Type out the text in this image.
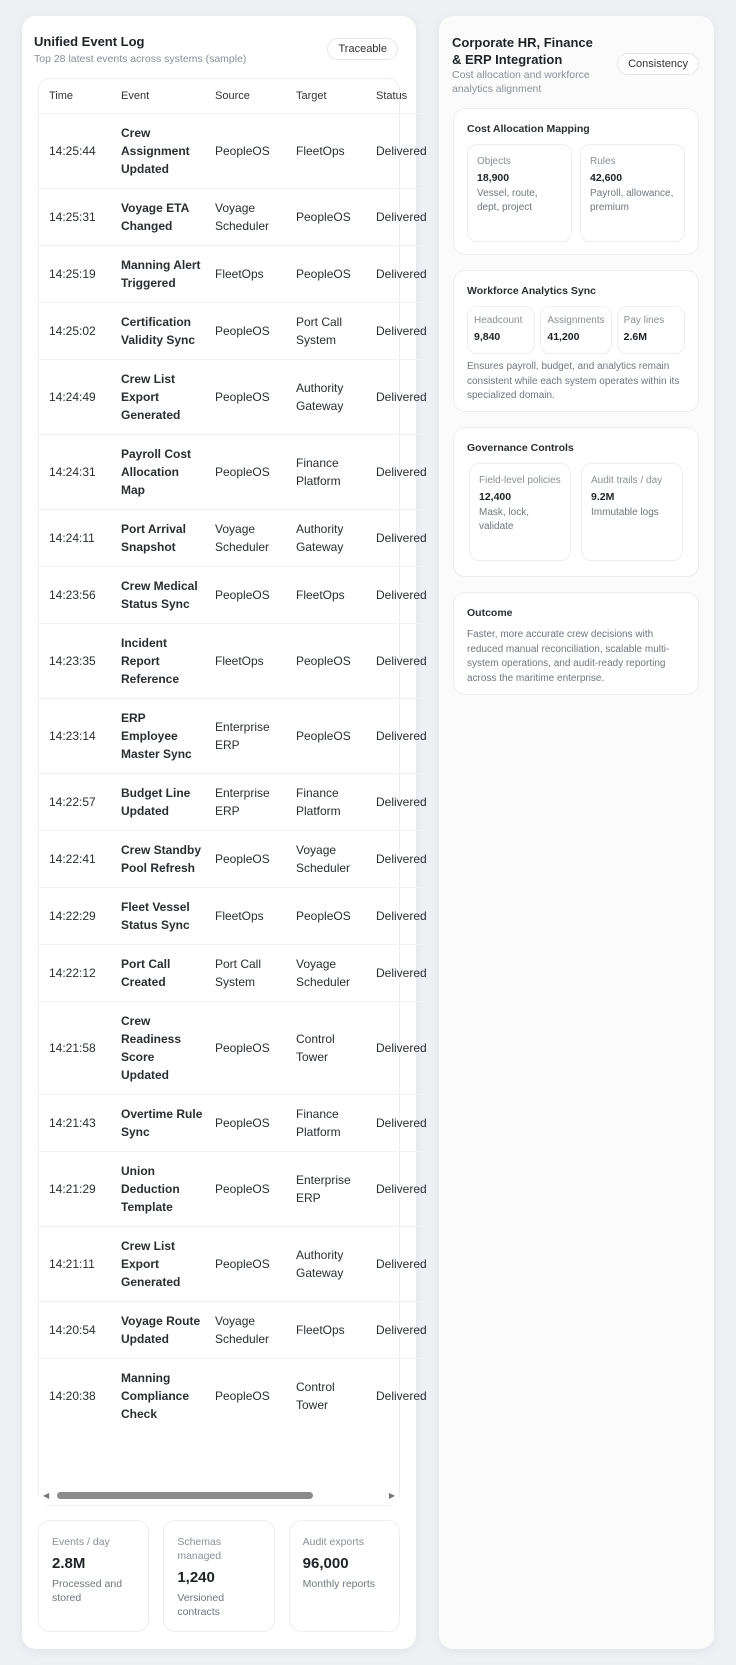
Unified Event Log
Top 28 latest events across systems (sample)
Traceable
Time	Event	Source	Target	Status
14:25:44	Crew Assignment Updated	PeopleOS	FleetOps	Delivered
14:25:31	Voyage ETA Changed	Voyage Scheduler	PeopleOS	Delivered
14:25:19	Manning Alert Triggered	FleetOps	PeopleOS	Delivered
14:25:02	Certification Validity Sync	PeopleOS	Port Call System	Delivered
14:24:49	Crew List Export Generated	PeopleOS	Authority Gateway	Delivered
14:24:31	Payroll Cost Allocation Map	PeopleOS	Finance Platform	Delivered
14:24:11	Port Arrival Snapshot	Voyage Scheduler	Authority Gateway	Delivered
14:23:56	Crew Medical Status Sync	PeopleOS	FleetOps	Delivered
14:23:35	Incident Report Reference	FleetOps	PeopleOS	Delivered
14:23:14	ERP Employee Master Sync	Enterprise ERP	PeopleOS	Delivered
14:22:57	Budget Line Updated	Enterprise ERP	Finance Platform	Delivered
14:22:41	Crew Standby Pool Refresh	PeopleOS	Voyage Scheduler	Delivered
14:22:29	Fleet Vessel Status Sync	FleetOps	PeopleOS	Delivered
14:22:12	Port Call Created	Port Call System	Voyage Scheduler	Delivered
14:21:58	Crew Readiness Score Updated	PeopleOS	Control Tower	Delivered
14:21:43	Overtime Rule Sync	PeopleOS	Finance Platform	Delivered
14:21:29	Union Deduction Template	PeopleOS	Enterprise ERP	Delivered
14:21:11	Crew List Export Generated	PeopleOS	Authority Gateway	Delivered
14:20:54	Voyage Route Updated	Voyage Scheduler	FleetOps	Delivered
14:20:38	Manning Compliance Check	PeopleOS	Control Tower	Delivered
◀	▶
Events / day
2.8M
Processed and stored
Schemas managed
1,240
Versioned contracts
Audit exports
96,000
Monthly reports
Corporate HR, Finance & ERP Integration
Cost allocation and workforce analytics alignment
Consistency
Cost Allocation Mapping
Objects
18,900
Vessel, route, dept, project
Rules
42,600
Payroll, allowance, premium
Workforce Analytics Sync
Headcount
9,840
Assignments
41,200
Pay lines
2.6M
Ensures payroll, budget, and analytics remain consistent while each system operates within its specialized domain.
Governance Controls
Field-level policies
12,400
Mask, lock, validate
Audit trails / day
9.2M
Immutable logs
Outcome
Faster, more accurate crew decisions with reduced manual reconciliation, scalable multi-system operations, and audit-ready reporting across the maritime enterprise.
